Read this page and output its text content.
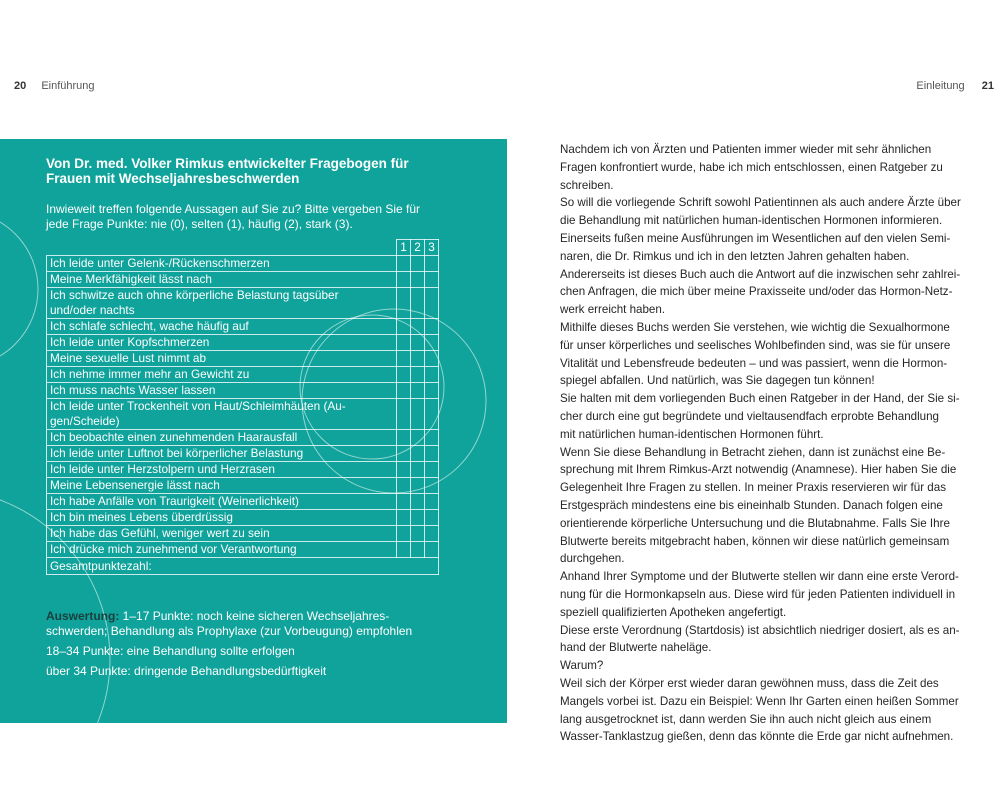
20 Einführung	Einleitung 21
Von Dr. med. Volker Rimkus entwickelter Fragebogen für
Frauen mit Wechseljahresbeschwerden
Inwieweit treffen folgende Aussagen auf Sie zu? Bitte vergeben Sie für
jede Frage Punkte: nie (0), selten (1), häufig (2), stark (3).
	1	2	3

Ich leide unter Gelenk-/Rückenschmerzen			

Meine Merkfähigkeit lässt nach			

Ich schwitze auch ohne körperliche Belastung tagsüber
und/oder nachts			

Ich schlafe schlecht, wache häufig auf			

Ich leide unter Kopfschmerzen			

Meine sexuelle Lust nimmt ab			

Ich nehme immer mehr an Gewicht zu			

Ich muss nachts Wasser lassen			

Ich leide unter Trockenheit von Haut/Schleimhäuten (Au-
gen/Scheide)			

Ich beobachte einen zunehmenden Haarausfall			

Ich leide unter Luftnot bei körperlicher Belastung			

Ich leide unter Herzstolpern und Herzrasen			

Meine Lebensenergie lässt nach			

Ich habe Anfälle von Traurigkeit (Weinerlichkeit)			

Ich bin meines Lebens überdrüssig			

Ich habe das Gefühl, weniger wert zu sein			

Ich drücke mich zunehmend vor Verantwortung			

Gesamtpunktezahl:			

Auswertung: 1–17 Punkte: noch keine sicheren Wechseljahres-
schwerden; Behandlung als Prophylaxe (zur Vorbeugung) empfohlen

18–34 Punkte: eine Behandlung sollte erfolgen

über 34 Punkte: dringende Behandlungsbedürftigkeit

Nachdem ich von Ärzten und Patienten immer wieder mit sehr ähnlichen

Fragen konfrontiert wurde, habe ich mich entschlossen, einen Ratgeber zu

schreiben.

So will die vorliegende Schrift sowohl Patientinnen als auch andere Ärzte über

die Behandlung mit natürlichen human-identischen Hormonen informieren.

Einerseits fußen meine Ausführungen im Wesentlichen auf den vielen Semi-

naren, die Dr. Rimkus und ich in den letzten Jahren gehalten haben.

Andererseits ist dieses Buch auch die Antwort auf die inzwischen sehr zahlrei-

chen Anfragen, die mich über meine Praxisseite und/oder das Hormon-Netz-

werk erreicht haben.

Mithilfe dieses Buchs werden Sie verstehen, wie wichtig die Sexualhormone

für unser körperliches und seelisches Wohlbefinden sind, was sie für unsere

Vitalität und Lebensfreude bedeuten – und was passiert, wenn die Hormon-

spiegel abfallen. Und natürlich, was Sie dagegen tun können!

Sie halten mit dem vorliegenden Buch einen Ratgeber in der Hand, der Sie si-

cher durch eine gut begründete und vieltausendfach erprobte Behandlung

mit natürlichen human-identischen Hormonen führt.

Wenn Sie diese Behandlung in Betracht ziehen, dann ist zunächst eine Be-

sprechung mit Ihrem Rimkus-Arzt notwendig (Anamnese). Hier haben Sie die

Gelegenheit Ihre Fragen zu stellen. In meiner Praxis reservieren wir für das

Erstgespräch mindestens eine bis eineinhalb Stunden. Danach folgen eine

orientierende körperliche Untersuchung und die Blutabnahme. Falls Sie Ihre

Blutwerte bereits mitgebracht haben, können wir diese natürlich gemeinsam

durchgehen.

Anhand Ihrer Symptome und der Blutwerte stellen wir dann eine erste Verord-

nung für die Hormonkapseln aus. Diese wird für jeden Patienten individuell in

speziell qualifizierten Apotheken angefertigt.

Diese erste Verordnung (Startdosis) ist absichtlich niedriger dosiert, als es an-

hand der Blutwerte nahelägе.

Warum?

Weil sich der Körper erst wieder daran gewöhnen muss, dass die Zeit des

Mangels vorbei ist. Dazu ein Beispiel: Wenn Ihr Garten einen heißen Sommer

lang ausgetrocknet ist, dann werden Sie ihn auch nicht gleich aus einem

Wasser-Tanklastzug gießen, denn das könnte die Erde gar nicht aufnehmen.
